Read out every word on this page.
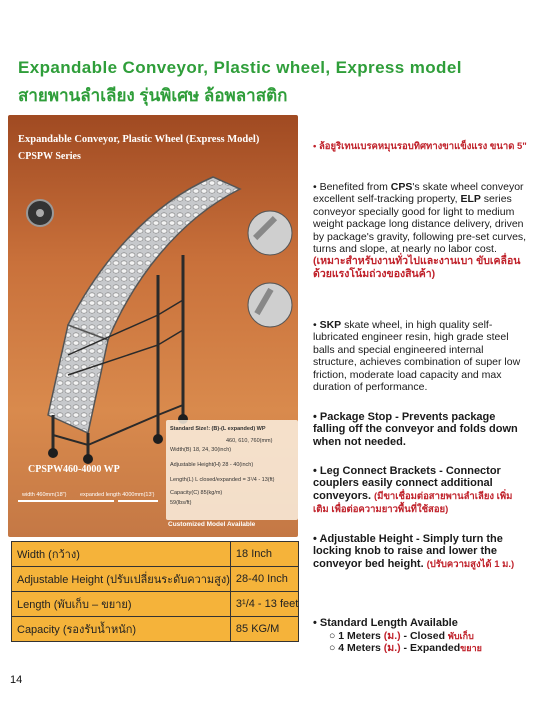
Expandable Conveyor, Plastic wheel, Express model
สายพานลำเลียง รุ่นพิเศษ ล้อพลาสติก
Expandable Conveyor, Plastic Wheel (Express Model)
CPSPW Series
Standard Size!: (B)-(L expanded) WP
460, 610, 760(mm)
Width(B) 18, 24, 30(inch)
Adjustable Height(H) 28 - 40(inch)
Length(L) L closed/expanded = 3¹/4 - 13(ft)
Capacity(C) 85(kg/m)
59(lbs/ft)
CPSPW460-4000 WP
width 460mm(18") expanded length 4000mm(13')
Customized Model Available
Width (กว้าง)	18 Inch
Adjustable Height (ปรับเปลี่ยนระดับความสูง)	28-40 Inch
Length (พับเก็บ – ขยาย)	3¹/4 - 13 feet
Capacity (รองรับน้ำหนัก)	85 KG/M
• ล้อยูริเทนเบรคหมุนรอบทิศทางขาแข็งแรง ขนาด 5"
• Benefited from CPS's skate wheel conveyor excellent self-tracking property, ELP series conveyor specially good for light to medium weight package long distance delivery, driven by package's gravity, following pre-set curves, turns and slope, at nearly no labor cost. (เหมาะสำหรับงานทั่วไปและงานเบา ขับเคลื่อนด้วยแรงโน้มถ่วงของสินค้า)
• SKP skate wheel, in high quality self-lubricated engineer resin, high grade steel balls and special engineered internal structure, achieves combination of super low friction, moderate load capacity and max duration of performance.
• Package Stop - Prevents package falling off the conveyor and folds down when not needed.
• Leg Connect Brackets - Connector couplers easily connect additional conveyors. (มีขาเชื่อมต่อสายพานลำเลียง เพิ่มเติม เพื่อต่อความยาวพื้นที่ใช้สอย)
• Adjustable Height - Simply turn the locking knob to raise and lower the conveyor bed height. (ปรับความสูงได้ 1 ม.)
• Standard Length Available
○ 1 Meters (ม.) - Closed พับเก็บ
○ 4 Meters (ม.) - Expandedขยาย
14
